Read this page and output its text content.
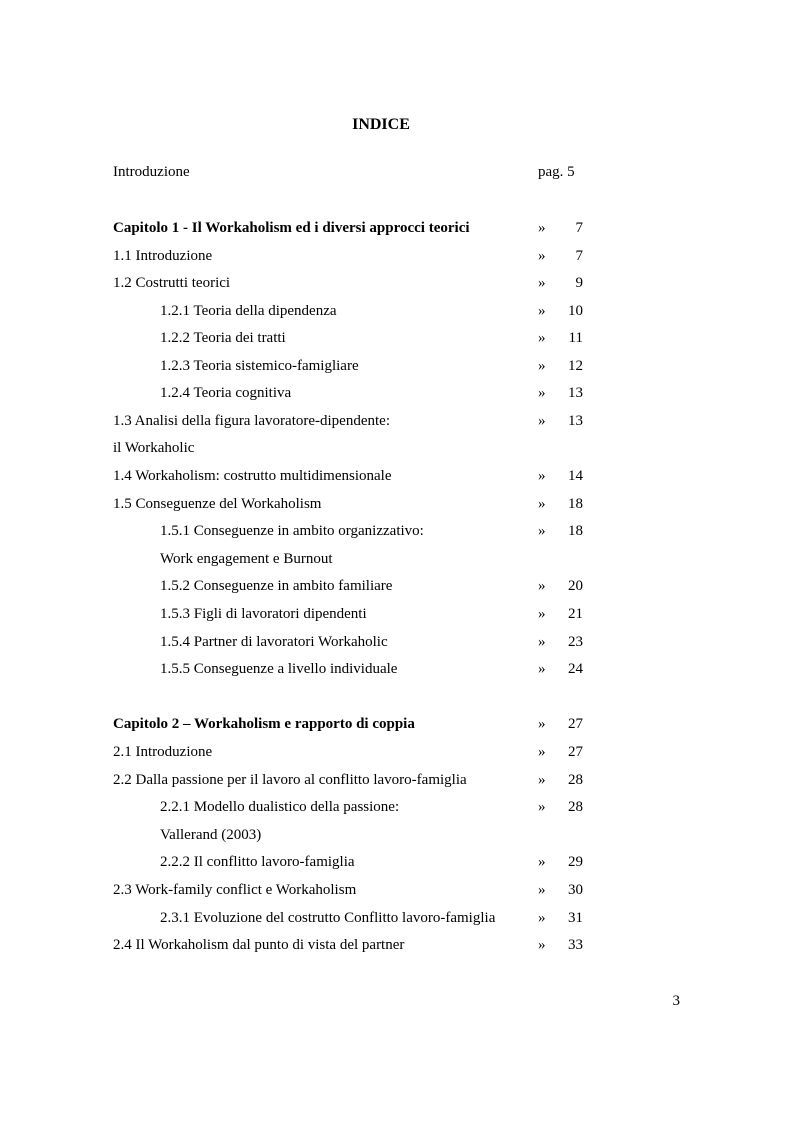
INDICE
Introduzione	pag. 5
Capitolo 1 - Il Workaholism ed i diversi approcci teorici	»	7
1.1 Introduzione	»	7
1.2 Costrutti teorici	»	9
1.2.1 Teoria della dipendenza	»	10
1.2.2 Teoria dei tratti	»	11
1.2.3 Teoria sistemico-famigliare	»	12
1.2.4 Teoria cognitiva	»	13
1.3 Analisi della figura lavoratore-dipendente:	»	13
il Workaholic
1.4 Workaholism: costrutto multidimensionale	»	14
1.5 Conseguenze del Workaholism	»	18
1.5.1 Conseguenze in ambito organizzativo:	»	18
Work engagement e Burnout
1.5.2 Conseguenze in ambito familiare	»	20
1.5.3 Figli di lavoratori dipendenti	»	21
1.5.4 Partner di lavoratori Workaholic	»	23
1.5.5 Conseguenze a livello individuale	»	24
Capitolo 2 – Workaholism e rapporto di coppia	»	27
2.1 Introduzione	»	27
2.2 Dalla passione per il lavoro al conflitto lavoro-famiglia	»	28
2.2.1 Modello dualistico della passione:	»	28
Vallerand (2003)
2.2.2 Il conflitto lavoro-famiglia	»	29
2.3 Work-family conflict e Workaholism	»	30
2.3.1 Evoluzione del costrutto Conflitto lavoro-famiglia	»	31
2.4 Il Workaholism dal punto di vista del partner	»	33
3
